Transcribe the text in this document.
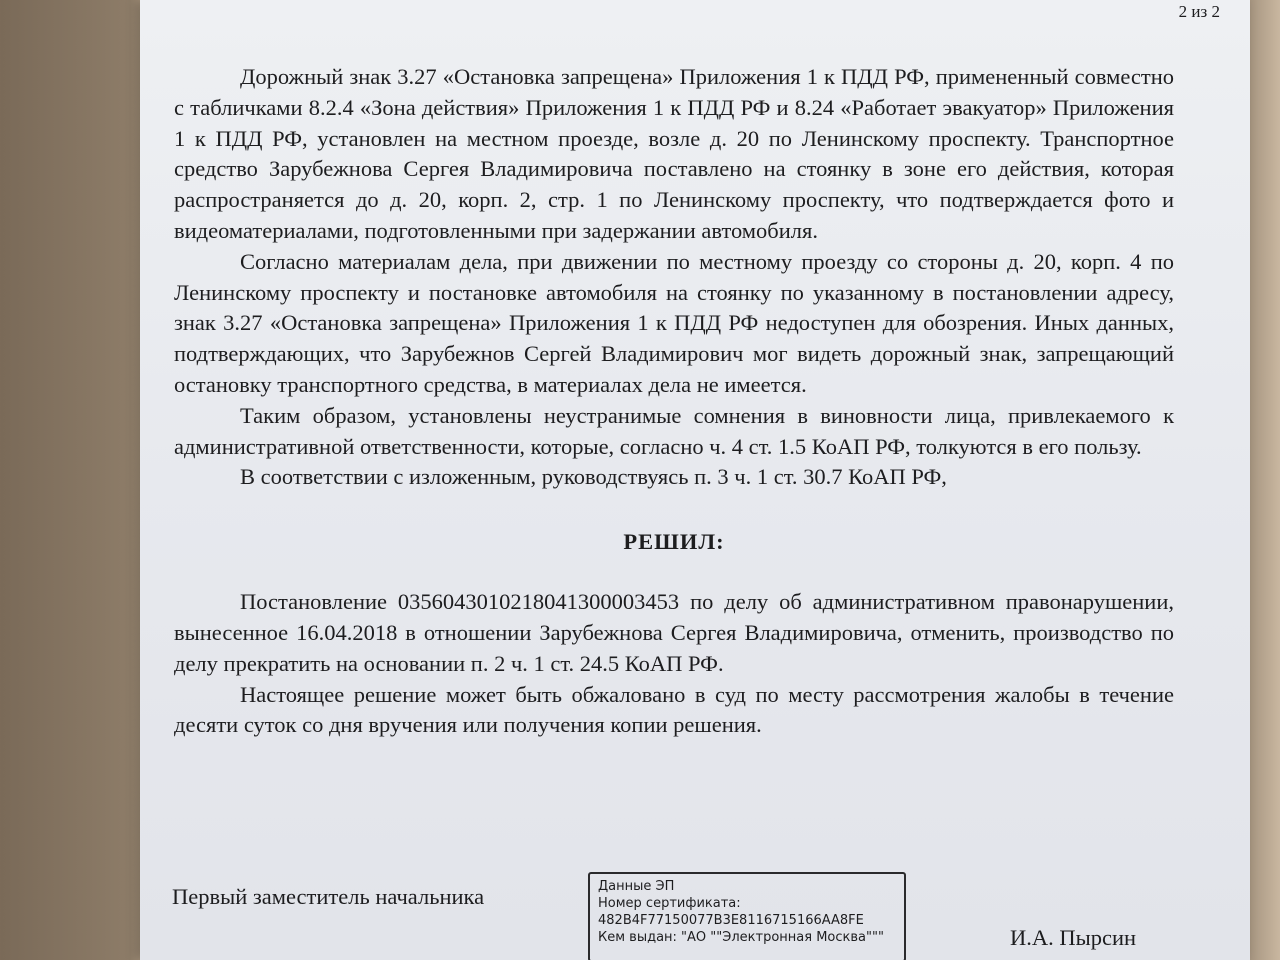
2 из 2

Дорожный знак 3.27 «Остановка запрещена» Приложения 1 к ПДД РФ, примененный совместно с табличками 8.2.4 «Зона действия» Приложения 1 к ПДД РФ и 8.24 «Работает эвакуатор» Приложения 1 к ПДД РФ, установлен на местном проезде, возле д. 20 по Ленинскому проспекту. Транспортное средство Зарубежнова Сергея Владимировича поставлено на стоянку в зоне его действия, которая распространяется до д. 20, корп. 2, стр. 1 по Ленинскому проспекту, что подтверждается фото и видеоматериалами, подготовленными при задержании автомобиля.

Согласно материалам дела, при движении по местному проезду со стороны д. 20, корп. 4 по Ленинскому проспекту и постановке автомобиля на стоянку по указанному в постановлении адресу, знак 3.27 «Остановка запрещена» Приложения 1 к ПДД РФ недоступен для обозрения. Иных данных, подтверждающих, что Зарубежнов Сергей Владимирович мог видеть дорожный знак, запрещающий остановку транспортного средства, в материалах дела не имеется.

Таким образом, установлены неустранимые сомнения в виновности лица, привлекаемого к административной ответственности, которые, согласно ч. 4 ст. 1.5 КоАП РФ, толкуются в его пользу.

В соответствии с изложенным, руководствуясь п. 3 ч. 1 ст. 30.7 КоАП РФ,

РЕШИЛ:

Постановление 0356043010218041300003453 по делу об административном правонарушении, вынесенное 16.04.2018 в отношении Зарубежнова Сергея Владимировича, отменить, производство по делу прекратить на основании п. 2 ч. 1 ст. 24.5 КоАП РФ.

Настоящее решение может быть обжаловано в суд по месту рассмотрения жалобы в течение десяти суток со дня вручения или получения копии решения.

Первый заместитель начальника	Данные ЭП
Номер сертификата:
482B4F77150077B3E8116715166AA8FE
Кем выдан: "АО ""Электронная Москва"""	И.А. Пырсин
